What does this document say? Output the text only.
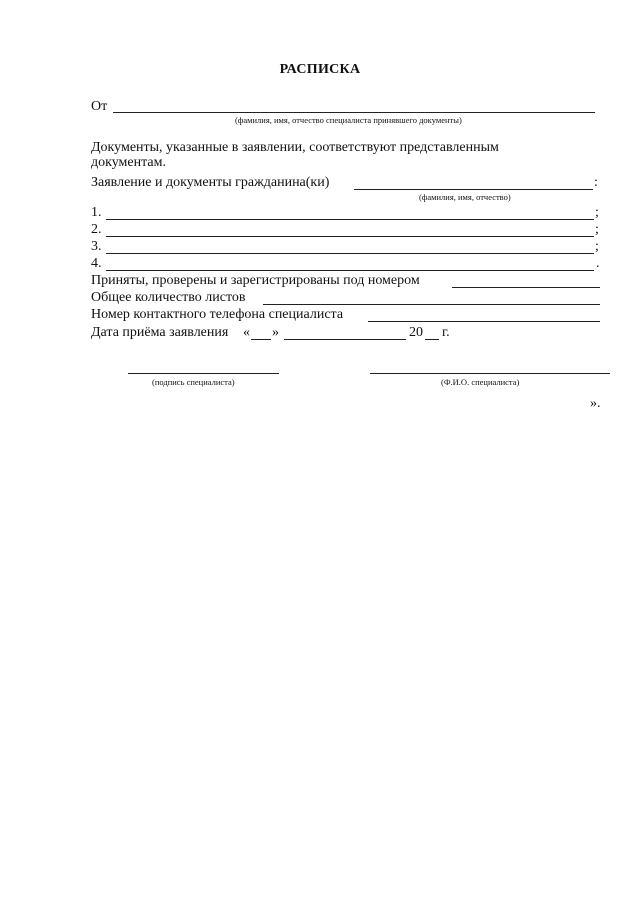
РАСПИСКА
От
(фамилия, имя, отчество специалиста принявшего документы)
Документы, указанные в заявлении, соответствуют представленным документам.
Заявление и документы гражданина(ки)	:
(фамилия, имя, отчество)
1.	;
2.	;
3.	;
4.	.
Приняты, проверены и зарегистрированы под номером
Общее количество листов
Номер контактного телефона специалиста
Дата приёма заявления « »	20 г.
(подпись специалиста)	(Ф.И.О. специалиста)
».
